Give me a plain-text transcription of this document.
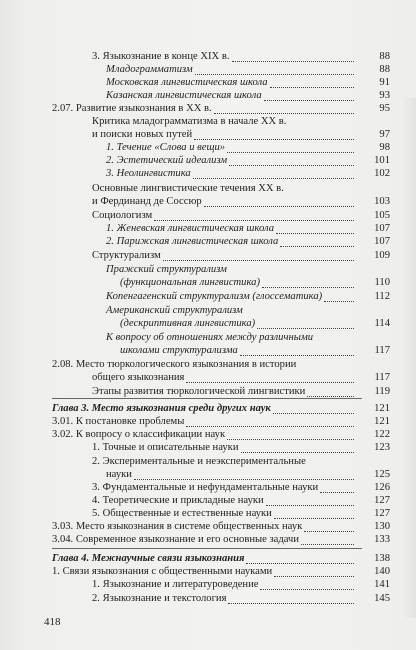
3. Языкознание в конце XIX в.	88
Младограмматизм	88
Московская лингвистическая школа	91
Казанская лингвистическая школа	93
2.07. Развитие языкознания в XX в.	95
Критика младограмматизма в начале XX в.
и поиски новых путей	97
1. Течение «Слова и вещи»	98
2. Эстетический идеализм	101
3. Неолингвистика	102
Основные лингвистические течения XX в.
и Фердинанд де Соссюр	103
Социологизм	105
1. Женевская лингвистическая школа	107
2. Парижская лингвистическая школа	107
Структурализм	109
Пражский структурализм
(функциональная лингвистика)	110
Копенгагенский структурализм (глоссематика)	112
Американский структурализм
(дескриптивная лингвистика)	114
К вопросу об отношениях между различными
школами структурализма	117
2.08. Место тюркологического языкознания в истории
общего языкознания	117
Этапы развития тюркологической лингвистики	119
Глава 3. Место языкознания среди других наук	121
3.01. К постановке проблемы	121
3.02. К вопросу о классификации наук	122
1. Точные и описательные науки	123
2. Экспериментальные и неэкспериментальные
науки	125
3. Фундаментальные и нефундаментальные науки	126
4. Теоретические и прикладные науки	127
5. Общественные и естественные науки	127
3.03. Место языкознания в системе общественных наук	130
3.04. Современное языкознание и его основные задачи	133
Глава 4. Межнаучные связи языкознания	138
1. Связи языкознания с общественными науками	140
1. Языкознание и литературоведение	141
2. Языкознание и текстология	145
418
